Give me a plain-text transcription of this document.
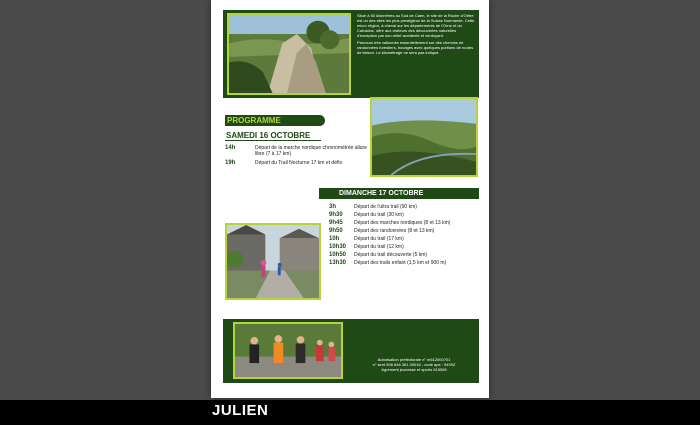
Situé à 50 kilomètres au Sud de Caen, le site de la Roche d'Oëtre est un des sites les plus prestigieux de la Suisse Normande. Cette micro région, à cheval sur les départements de l'Orne et du Calvados, offre aux visiteurs des découvertes naturelles d'exception par son relief accidenté et verdoyant.

Parcours très vallonnés essentiellement sur des chemins de randonnées forestiers, bocages avec quelques portions de routes de liaison. Le kilométrage ne sera pas indiqué.

PROGRAMME
SAMEDI 16 OCTOBRE
14h	Départ de la marche nordique chronométrée allure libre (7 à 17 km)
19h	Départ du Trail Nocturne 17 km et défis
DIMANCHE 17 OCTOBRE
3h	Départ de l'ultra trail (90 km)
9h30	Départ du trail (30 km)
9h45	Départ des marches nordiques (8 et 13 km)
9h50	Départ des randonnées (8 et 13 km)
10h	Départ du trail (17 km)
10h30	Départ du trail (12 km)
10h50	Départ du trail découverte (5 km)
13h30	Départ des trails enfant (1,5 km et 900 m)
Autorisation préfectorale n° m612000701
n° siret 508 646 361 00016 - code ape : 9499Z
Agrément jeunesse et sports 615589
JULIEN
